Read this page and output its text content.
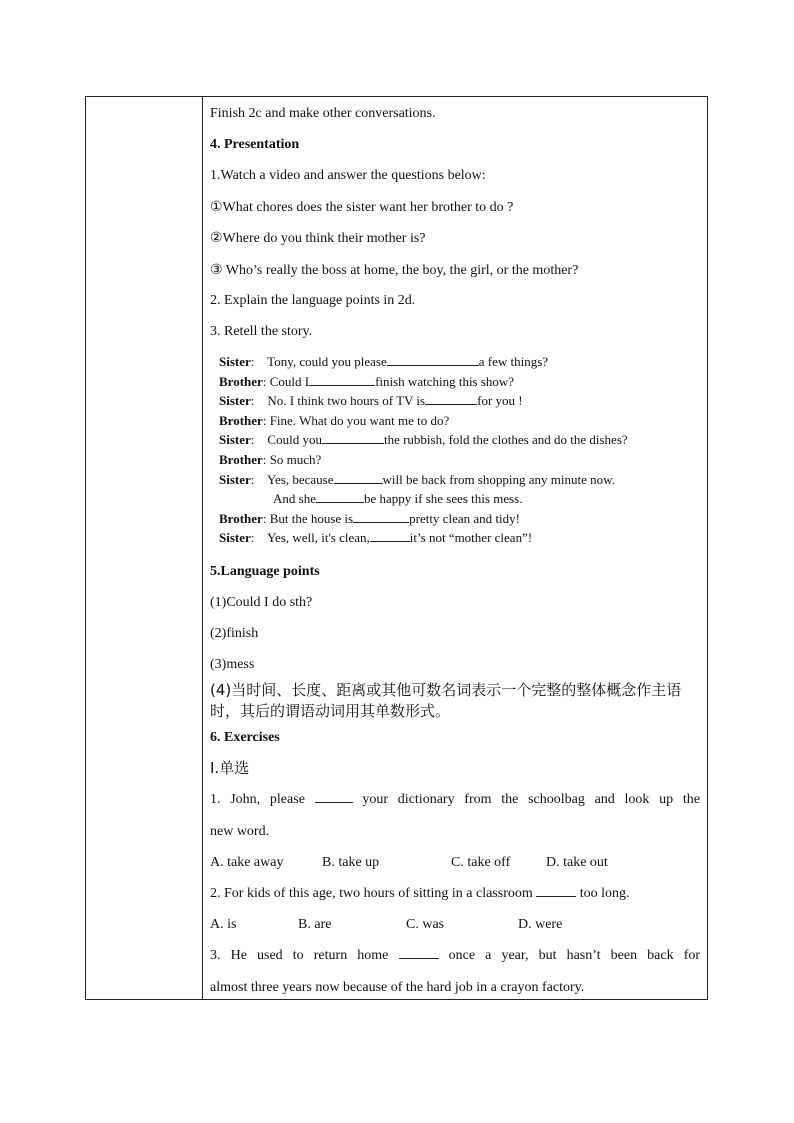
Finish 2c and make other conversations.
4. Presentation
1.Watch a video and answer the questions below:
①What chores does the sister want her brother to do ?
②Where do you think their mother is?
③ Who’s really the boss at home, the boy, the girl, or the mother?
2. Explain the language points in 2d.
3. Retell the story.
Sister: Tony, could you please	a few things?
Brother: Could I	finish watching this show?
Sister: No. I think two hours of TV is	for you !
Brother: Fine. What do you want me to do?
Sister: Could you	the rubbish, fold the clothes and do the dishes?
Brother: So much?
Sister: Yes, because	will be back from shopping any minute now.
And she	be happy if she sees this mess.
Brother: But the house is	pretty clean and tidy!
Sister: Yes, well, it's clean,	it’s not “mother clean”!
5.Language points
(1)Could I do sth?
(2)finish
(3)mess
(4)当时间、长度、距离或其他可数名词表示一个完整的整体概念作主语
时，其后的谓语动词用其单数形式。
6. Exercises
Ⅰ.单选
1. John, please	your dictionary from the schoolbag and look up the
new word.
A. take away	B. take up	C. take off	D. take out
2. For kids of this age, two hours of sitting in a classroom	too long.
A. is	B. are	C. was	D. were
3. He used to return home	once a year, but hasn’t been back for
almost three years now because of the hard job in a crayon factory.
